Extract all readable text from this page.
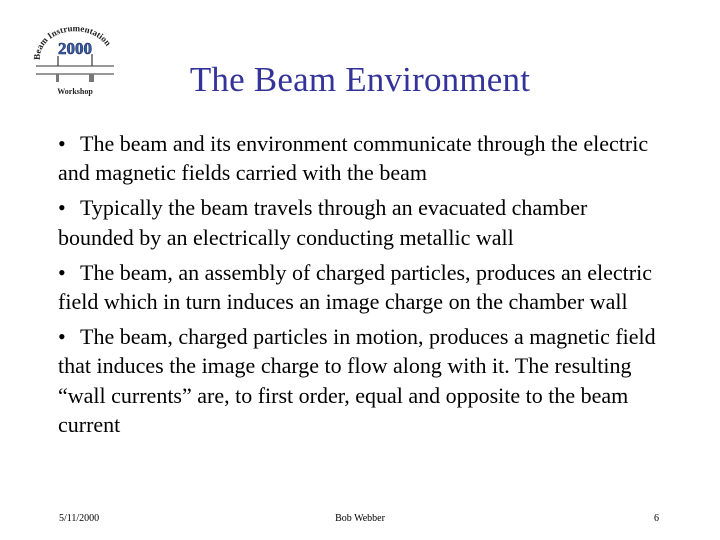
Beam Instrumentation
2000
Workshop	The Beam Environment
• The beam and its environment communicate through the electric and magnetic fields carried with the beam
• Typically the beam travels through an evacuated chamber bounded by an electrically conducting metallic wall
• The beam, an assembly of charged particles, produces an electric field which in turn induces an image charge on the chamber wall
• The beam, charged particles in motion, produces a magnetic field that induces the image charge to flow along with it. The resulting “wall currents” are, to first order, equal and opposite to the beam current
5/11/2000	Bob Webber	6
